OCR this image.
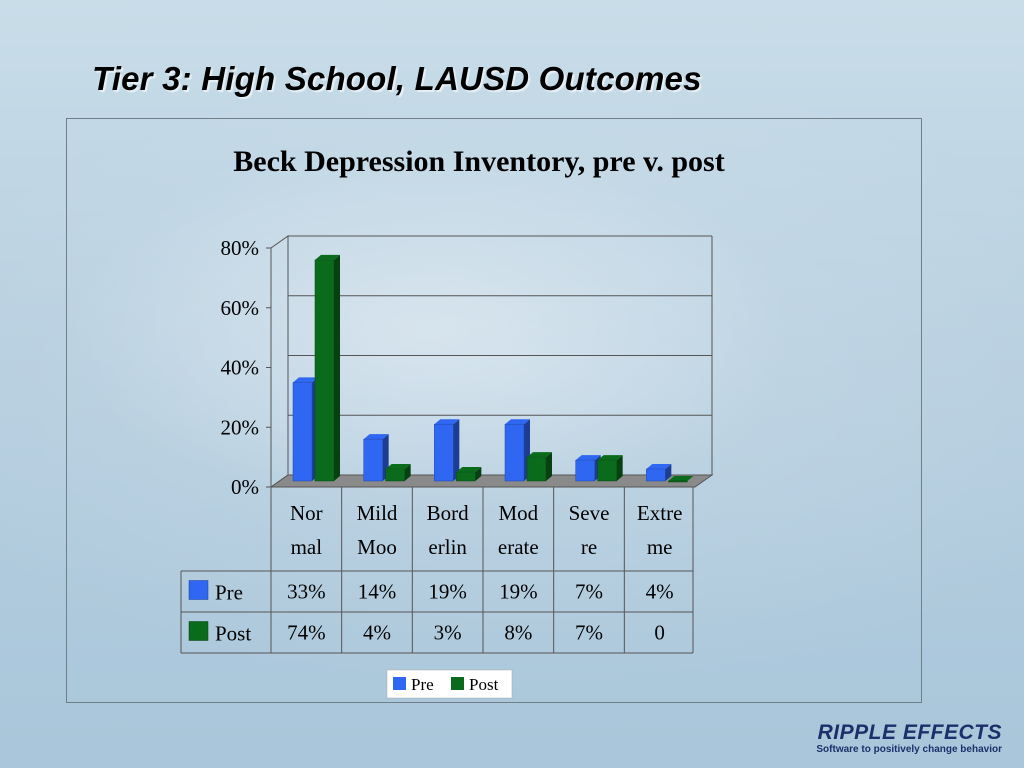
Tier 3: High School, LAUSD Outcomes
Beck Depression Inventory, pre v. post
0%
20%
40%
60%
80%
Nor
mal
Mild
Moo
Bord
erlin
Mod
erate
Seve
re
Extre
me
Pre 33% 14% 19% 19% 7% 4%
Post 74% 4% 3% 8% 7% 0
Pre Post
RIPPLE EFFECTS
Software to positively change behavior
